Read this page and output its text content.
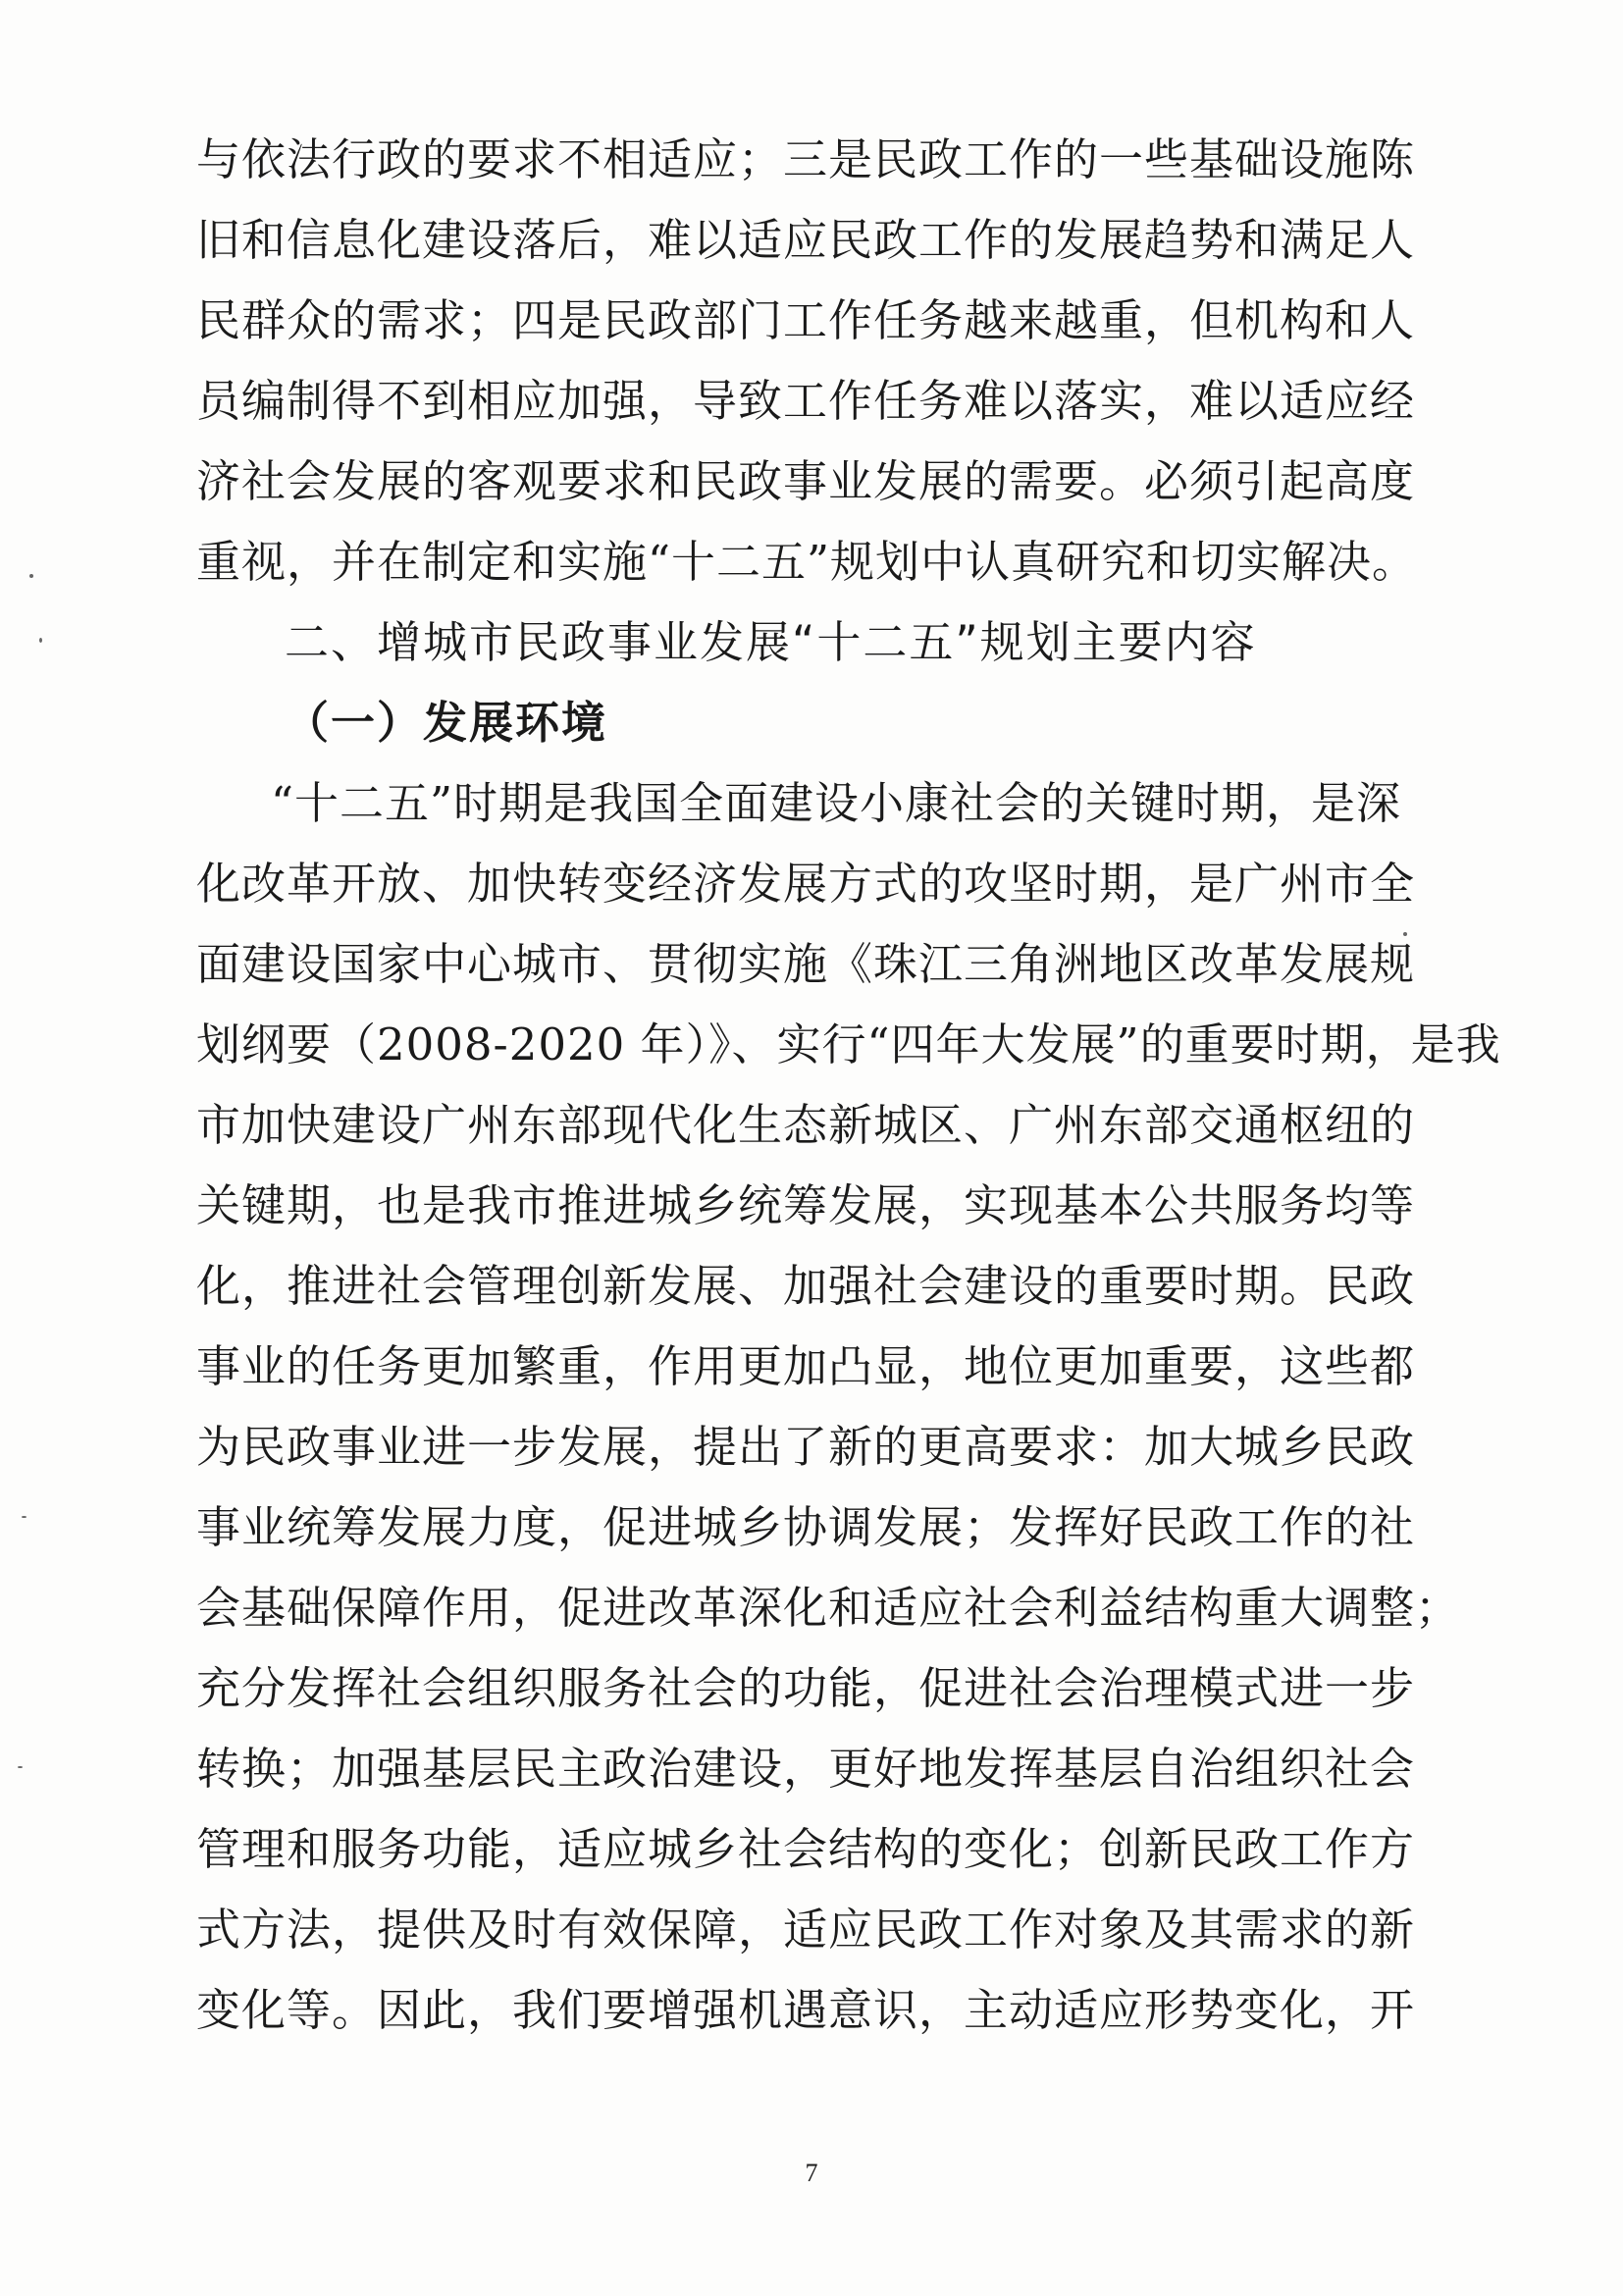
与依法行政的要求不相适应；三是民政工作的一些基础设施陈
旧和信息化建设落后，难以适应民政工作的发展趋势和满足人
民群众的需求；四是民政部门工作任务越来越重，但机构和人
员编制得不到相应加强，导致工作任务难以落实，难以适应经
济社会发展的客观要求和民政事业发展的需要。必须引起高度
重视，并在制定和实施“十二五”规划中认真研究和切实解决。
二、增城市民政事业发展“十二五”规划主要内容
（一）发展环境
“十二五”时期是我国全面建设小康社会的关键时期，是深
化改革开放、加快转变经济发展方式的攻坚时期，是广州市全
面建设国家中心城市、贯彻实施《珠江三角洲地区改革发展规
划纲要（2008-2020 年）》、实行“四年大发展”的重要时期，是我
市加快建设广州东部现代化生态新城区、广州东部交通枢纽的
关键期，也是我市推进城乡统筹发展，实现基本公共服务均等
化，推进社会管理创新发展、加强社会建设的重要时期。民政
事业的任务更加繁重，作用更加凸显，地位更加重要，这些都
为民政事业进一步发展，提出了新的更高要求：加大城乡民政
事业统筹发展力度，促进城乡协调发展；发挥好民政工作的社
会基础保障作用，促进改革深化和适应社会利益结构重大调整；
充分发挥社会组织服务社会的功能，促进社会治理模式进一步
转换；加强基层民主政治建设，更好地发挥基层自治组织社会
管理和服务功能，适应城乡社会结构的变化；创新民政工作方
式方法，提供及时有效保障，适应民政工作对象及其需求的新
变化等。因此，我们要增强机遇意识，主动适应形势变化，开
7
